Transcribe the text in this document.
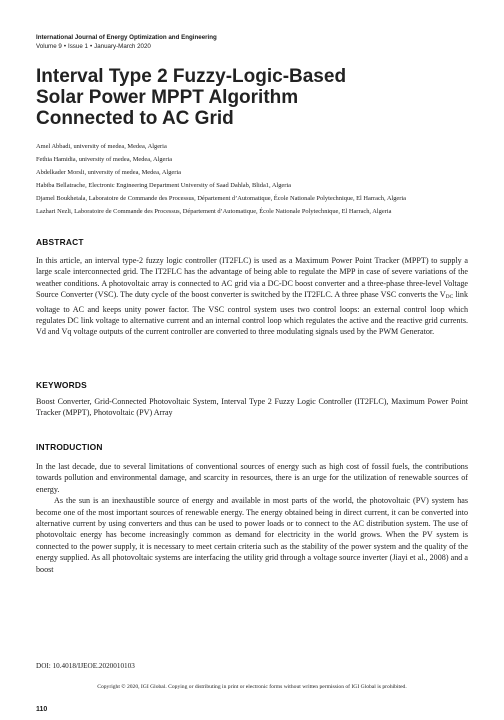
International Journal of Energy Optimization and Engineering
Volume 9 • Issue 1 • January-March 2020
Interval Type 2 Fuzzy-Logic-Based
Solar Power MPPT Algorithm
Connected to AC Grid

Amel Abbadi, university of medea, Medea, Algeria

Fethia Hamidia, university of medea, Medea, Algeria

Abdelkader Morsli, university of medea, Medea, Algeria

Habiba Bellatrache, Electronic Engineering Department University of Saad Dahlab, Blida1, Algeria

Djamel Boukhetala, Laboratoire de Commande des Processus, Département d’Automatique, École Nationale Polytechnique, El Harrach, Algeria

Lazhari Nezli, Laboratoire de Commande des Processus, Département d’Automatique, École Nationale Polytechnique, El Harrach, Algeria

ABSTRACT

In this article, an interval type-2 fuzzy logic controller (IT2FLC) is used as a Maximum Power Point Tracker (MPPT) to supply a large scale interconnected grid. The IT2FLC has the advantage of being able to regulate the MPP in case of severe variations of the weather conditions. A photovoltaic array is connected to AC grid via a DC-DC boost converter and a three-phase three-level Voltage Source Converter (VSC). The duty cycle of the boost converter is switched by the IT2FLC. A three phase VSC converts the VDC link voltage to AC and keeps unity power factor. The VSC control system uses two control loops: an external control loop which regulates DC link voltage to alternative current and an internal control loop which regulates the active and the reactive grid currents. Vd and Vq voltage outputs of the current controller are converted to three modulating signals used by the PWM Generator.

KEYWORDS

Boost Converter, Grid-Connected Photovoltaic System, Interval Type 2 Fuzzy Logic Controller (IT2FLC), Maximum Power Point Tracker (MPPT), Photovoltaic (PV) Array

INTRODUCTION

In the last decade, due to several limitations of conventional sources of energy such as high cost of fossil fuels, the contributions towards pollution and environmental damage, and scarcity in resources, there is an urge for the utilization of renewable sources of energy.

As the sun is an inexhaustible source of energy and available in most parts of the world, the photovoltaic (PV) system has become one of the most important sources of renewable energy. The energy obtained being in direct current, it can be converted into alternative current by using converters and thus can be used to power loads or to connect to the AC distribution system. The use of photovoltaic energy has become increasingly common as demand for electricity in the world grows. When the PV system is connected to the power supply, it is necessary to meet certain criteria such as the stability of the power system and the quality of the energy supplied. As all photovoltaic systems are interfacing the utility grid through a voltage source inverter (Jiayi et al., 2008) and a boost

DOI: 10.4018/IJEOE.2020010103
Copyright © 2020, IGI Global. Copying or distributing in print or electronic forms without written permission of IGI Global is prohibited.
110
